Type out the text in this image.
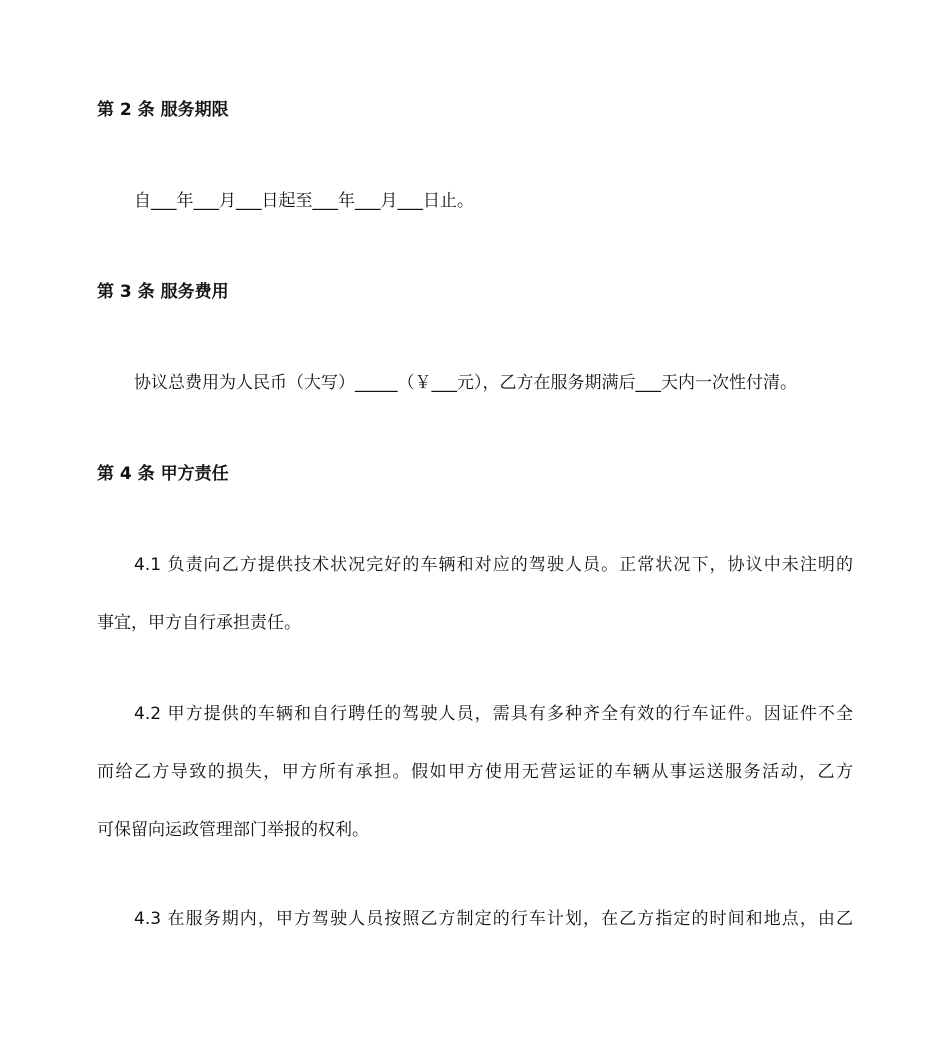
第 2 条 服务期限
自___年___月___日起至___年___月___日止。
第 3 条 服务费用
协议总费用为人民币（大写）_____（￥___元），乙方在服务期满后___天内一次性付清。
第 4 条 甲方责任
4.1 负责向乙方提供技术状况完好的车辆和对应的驾驶人员。正常状况下，协议中未注明的
事宜，甲方自行承担责任。
4.2 甲方提供的车辆和自行聘任的驾驶人员，需具有多种齐全有效的行车证件。因证件不全
而给乙方导致的损失，甲方所有承担。假如甲方使用无营运证的车辆从事运送服务活动，乙方
可保留向运政管理部门举报的权利。
4.3 在服务期内，甲方驾驶人员按照乙方制定的行车计划，在乙方指定的时间和地点，由乙
